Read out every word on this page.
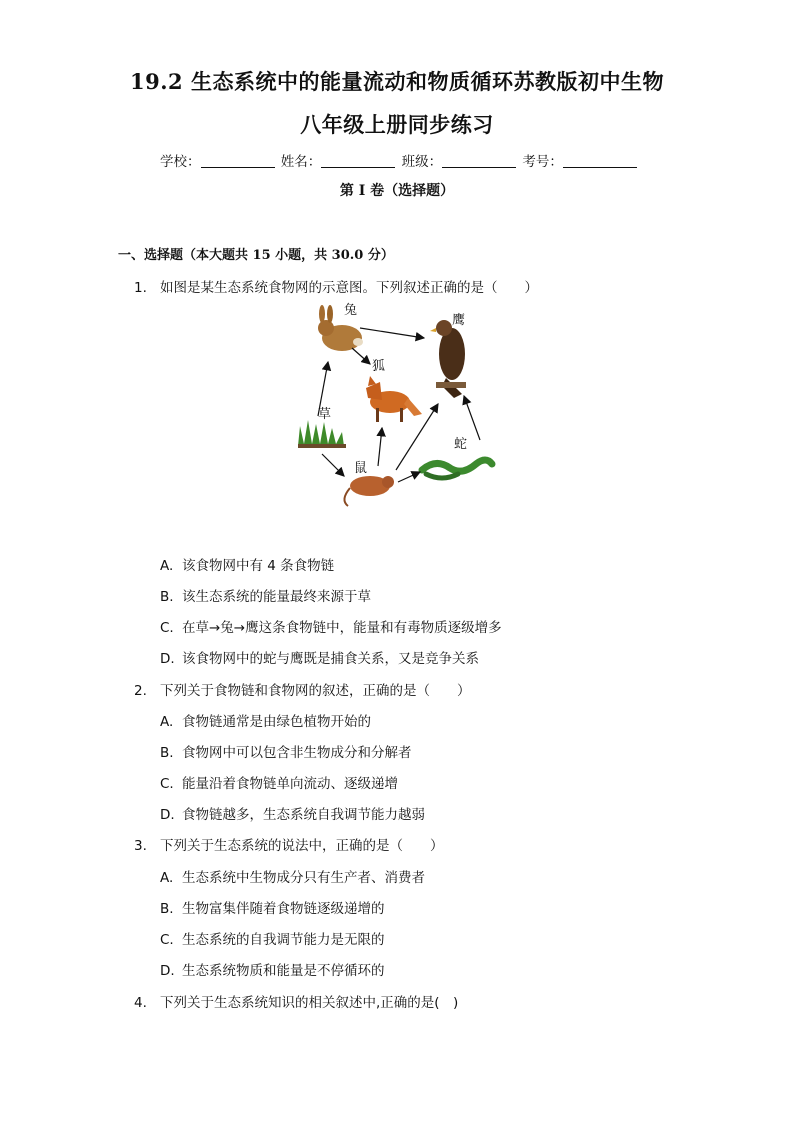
19.2 生态系统中的能量流动和物质循环苏教版初中生物
八年级上册同步练习
学校：	姓名：	班级：	考号：
第 I 卷（选择题）
一、选择题（本大题共 15 小题，共 30.0 分）
1. 如图是某生态系统食物网的示意图。下列叙述正确的是（　　）
兔
鹰
狐
草
鼠
蛇
A. 该食物网中有 4 条食物链
B. 该生态系统的能量最终来源于草
C. 在草→兔→鹰这条食物链中，能量和有毒物质逐级增多
D. 该食物网中的蛇与鹰既是捕食关系，又是竞争关系
2. 下列关于食物链和食物网的叙述，正确的是（　　）
A. 食物链通常是由绿色植物开始的
B. 食物网中可以包含非生物成分和分解者
C. 能量沿着食物链单向流动、逐级递增
D. 食物链越多，生态系统自我调节能力越弱
3. 下列关于生态系统的说法中，正确的是（　　）
A. 生态系统中生物成分只有生产者、消费者
B. 生物富集伴随着食物链逐级递增的
C. 生态系统的自我调节能力是无限的
D. 生态系统物质和能量是不停循环的
4. 下列关于生态系统知识的相关叙述中,正确的是(　)
